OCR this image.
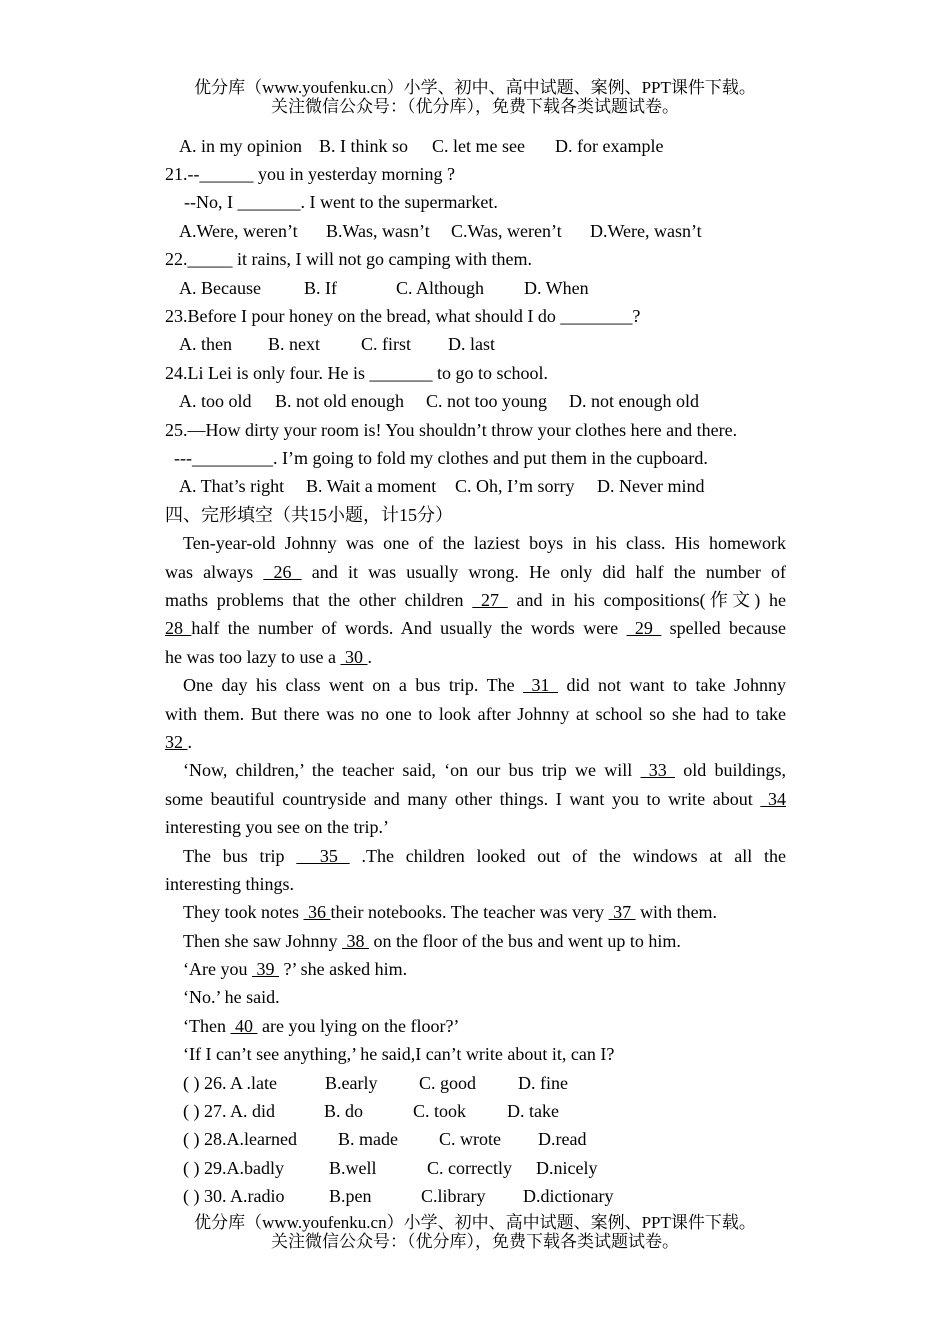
优分库（www.youfenku.cn）小学、初中、高中试题、案例、PPT课件下载。
关注微信公众号：（优分库），免费下载各类试题试卷。
A. in my opinion B. I think so C. let me see D. for example
21.--______ you in yesterday morning ?
--No, I _______. I went to the supermarket.
A.Were, weren’t B.Was, wasn’t C.Was, weren’t D.Were, wasn’t
22._____ it rains, I will not go camping with them.
A. Because B. If	C. Although D. When
23.Before I pour honey on the bread, what should I do ________?
A. then B. next C. first D. last
24.Li Lei is only four. He is _______ to go to school.
A. too old B. not old enough C. not too young D. not enough old
25.—How dirty your room is! You shouldn’t throw your clothes here and there.
---_________. I’m going to fold my clothes and put them in the cupboard.
A. That’s right B. Wait a moment C. Oh, I’m sorry D. Never mind
四、完形填空（共15小题，计15分）
Ten-year-old Johnny was one of the laziest boys in his class. His homework
was always  26  and it was usually wrong. He only did half the number of
maths problems that the other children  27  and in his compositions(作文) he
28 half the number of words. And usually the words were  29  spelled because
he was too lazy to use a  30 .
One day his class went on a bus trip. The  31  did not want to take Johnny
with them. But there was no one to look after Johnny at school so she had to take
32 .
‘Now, children,’ the teacher said, ‘on our bus trip we will  33  old buildings,
some beautiful countryside and many other things. I want you to write about  34
interesting you see on the trip.’
The bus trip   35  .The children looked out of the windows at all the
interesting things.
They took notes  36 their notebooks. The teacher was very  37  with them.
Then she saw Johnny  38  on the floor of the bus and went up to him.
‘Are you  39  ?’ she asked him.
‘No.’ he said.
‘Then  40  are you lying on the floor?’
‘If I can’t see anything,’ he said,I can’t write about it, can I?
( ) 26. A .late	B.early C. good D. fine
( ) 27. A. did	B. do	C. took D. take
( ) 28.A.learned B. made C. wrote D.read
( ) 29.A.badly	B.well	C. correctly D.nicely
( ) 30. A.radio B.pen	C.library D.dictionary
优分库（www.youfenku.cn）小学、初中、高中试题、案例、PPT课件下载。
关注微信公众号：（优分库），免费下载各类试题试卷。
